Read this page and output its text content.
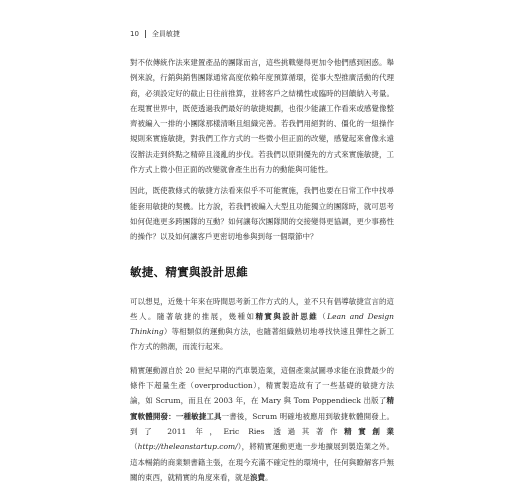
10 全員敏捷

對不依傳統作法來建置產品的團隊而言，這些挑戰變得更加令他們感到困惑。舉例來說，行銷與銷售團隊通常高度依賴年度預算循環，從事大型推廣活動的代理商，必須設定好的截止日往前推算，並將客戶之結構性或臨時的回饋納入考量。在現實世界中，既使透過我們最好的敏捷規劃，也很少能讓工作看來或感覺像整齊被編入一排的小團隊那樣清晰且組織完善。若我們用絕對的、僵化的一組操作規則來實施敏捷，對我們工作方式的一些微小但正面的改變，感覺起來會像永遠沒辦法走到終點之精碎且淺亂的步伐。若我們以原則優先的方式來實施敏捷，工作方式上微小但正面的改變就會產生出有力的動能與可能性。

因此，既使教條式的敏捷方法看來似乎不可能實施，我們也要在日常工作中找尋能套用敏捷的契機。比方說，若我們被編入大型且功能獨立的團隊時，就可思考如何促進更多跨團隊的互動？如何讓每次團隊間的交接變得更協調，更少事務性的操作？以及如何讓客戶更密切地參與到每一個環節中？

敏捷、精實與設計思維

可以想見，近幾十年來在時間思考新工作方式的人，並不只有倡導敏捷宣言的這些人。隨著敏捷的推展，幾種如精實與設計思維（Lean and Design Thinking）等相類似的運動與方法，也隨著組織熟切地尋找快速且彈性之新工作方式的熱潮，而流行起來。

精實運動源自於 20 世紀早期的汽車製造業，這個產業試圖尋求能在浪費最少的條件下超量生產（overproduction），精實製造故有了一些基礎的敏捷方法論，如 Scrum，而且在 2003 年，在 Mary 與 Tom Poppendieck 出版了精實軟體開發：一種敏捷工具一書後，Scrum 明確地被應用到敏捷軟體開發上。到了 2011 年，Eric Ries 透過其著作精實創業（http://theleanstartup.com/），將精實運動更進一步地擴展到製造業之外。這本暢銷的商業類書籍主張，在現今充滿不確定性的環境中，任何與瞭解客戶無關的東西，就精實的角度來看，就是浪費。
